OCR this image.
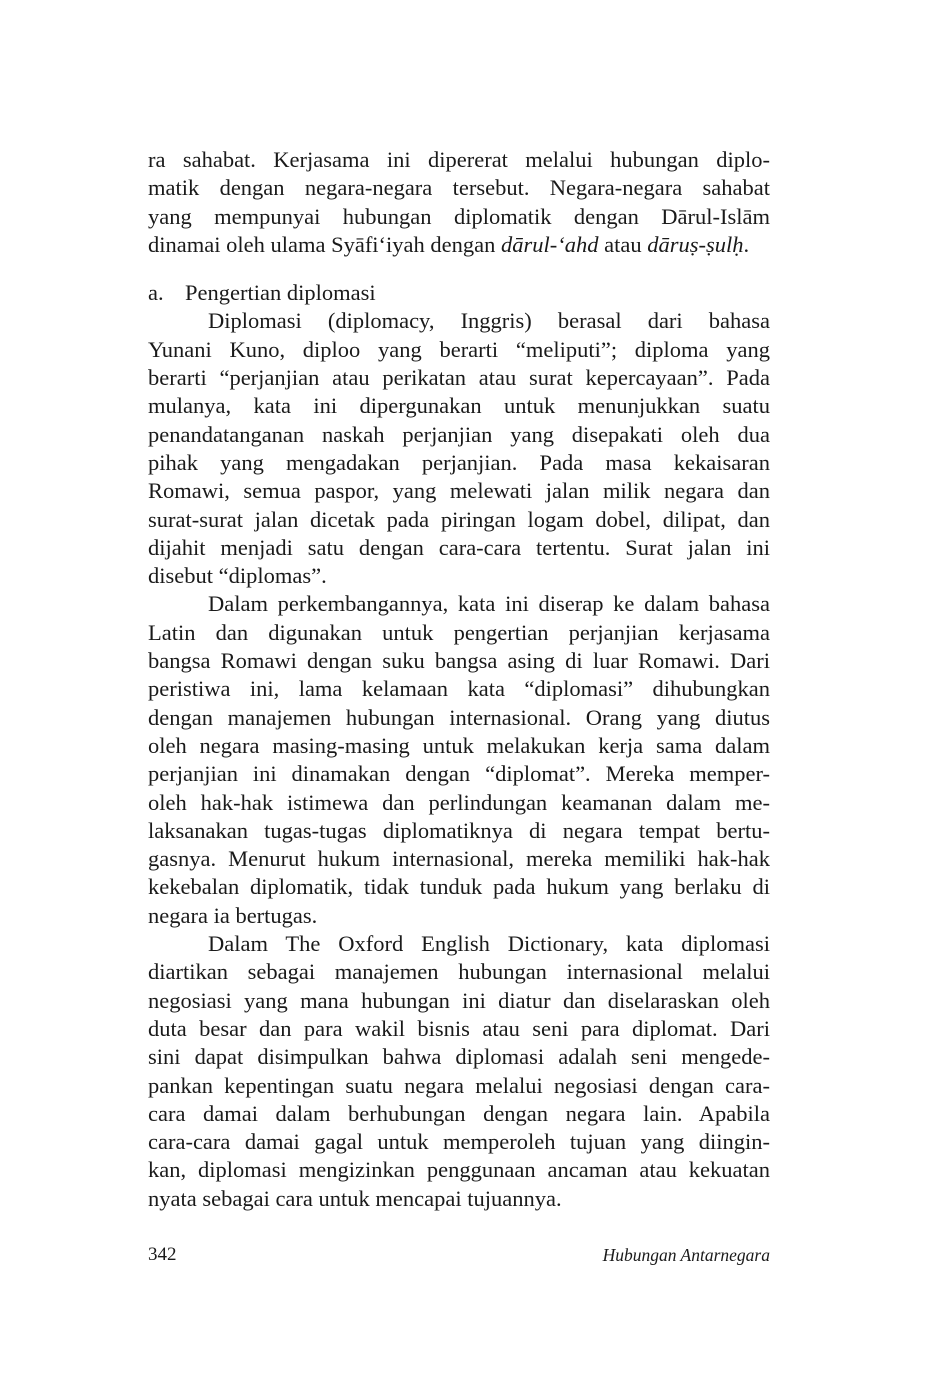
ra sahabat. Kerjasama ini dipererat melalui hubungan diplo-
matik dengan negara-negara tersebut. Negara-negara sahabat
yang mempunyai hubungan diplomatik dengan Dārul-Islām
dinamai oleh ulama Syāfiʻiyah dengan dārul-ʻahd atau dāruṣ-ṣulḥ.
a. Pengertian diplomasi
Diplomasi (diplomacy, Inggris) berasal dari bahasa
Yunani Kuno, diploo yang berarti “meliputi”; diploma yang
berarti “perjanjian atau perikatan atau surat kepercayaan”. Pada
mulanya, kata ini dipergunakan untuk menunjukkan suatu
penandatanganan naskah perjanjian yang disepakati oleh dua
pihak yang mengadakan perjanjian. Pada masa kekaisaran
Romawi, semua paspor, yang melewati jalan milik negara dan
surat-surat jalan dicetak pada piringan logam dobel, dilipat, dan
dijahit menjadi satu dengan cara-cara tertentu. Surat jalan ini
disebut “diplomas”.
Dalam perkembangannya, kata ini diserap ke dalam bahasa
Latin dan digunakan untuk pengertian perjanjian kerjasama
bangsa Romawi dengan suku bangsa asing di luar Romawi. Dari
peristiwa ini, lama kelamaan kata “diplomasi” dihubungkan
dengan manajemen hubungan internasional. Orang yang diutus
oleh negara masing-masing untuk melakukan kerja sama dalam
perjanjian ini dinamakan dengan “diplomat”. Mereka memper-
oleh hak-hak istimewa dan perlindungan keamanan dalam me-
laksanakan tugas-tugas diplomatiknya di negara tempat bertu-
gasnya. Menurut hukum internasional, mereka memiliki hak-hak
kekebalan diplomatik, tidak tunduk pada hukum yang berlaku di
negara ia bertugas.
Dalam The Oxford English Dictionary, kata diplomasi
diartikan sebagai manajemen hubungan internasional melalui
negosiasi yang mana hubungan ini diatur dan diselaraskan oleh
duta besar dan para wakil bisnis atau seni para diplomat. Dari
sini dapat disimpulkan bahwa diplomasi adalah seni mengede-
pankan kepentingan suatu negara melalui negosiasi dengan cara-
cara damai dalam berhubungan dengan negara lain. Apabila
cara-cara damai gagal untuk memperoleh tujuan yang diingin-
kan, diplomasi mengizinkan penggunaan ancaman atau kekuatan
nyata sebagai cara untuk mencapai tujuannya.
342	Hubungan Antarnegara
